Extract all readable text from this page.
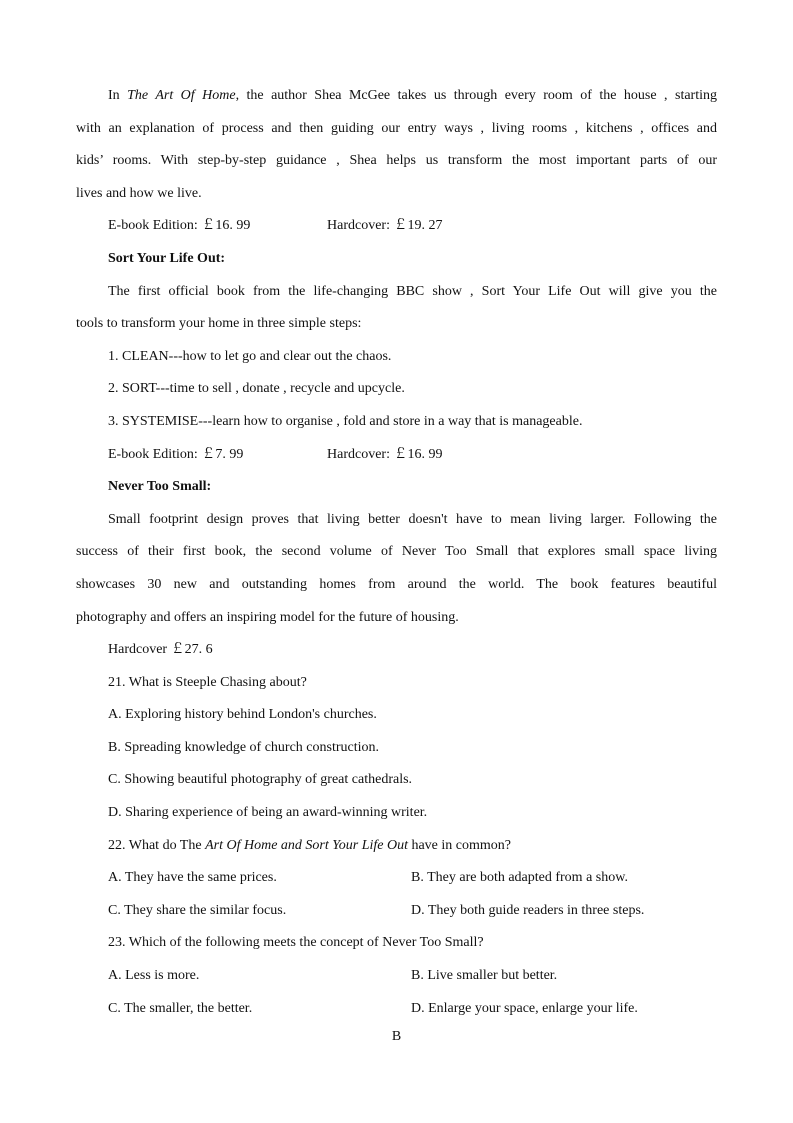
In The Art Of Home, the author Shea McGee takes us through every room of the house , starting
with an explanation of process and then guiding our entry ways , living rooms , kitchens , offices and
kids’ rooms. With step-by-step guidance , Shea helps us transform the most important parts of our
lives and how we live.
E-book Edition: ￡16. 99	Hardcover: ￡19. 27
Sort Your Life Out:
The first official book from the life-changing BBC show , Sort Your Life Out will give you the
tools to transform your home in three simple steps:
1. CLEAN---how to let go and clear out the chaos.
2. SORT---time to sell , donate , recycle and upcycle.
3. SYSTEMISE---learn how to organise , fold and store in a way that is manageable.
E-book Edition: ￡7. 99	Hardcover: ￡16. 99
Never Too Small:
Small footprint design proves that living better doesn't have to mean living larger. Following the
success of their first book, the second volume of Never Too Small that explores small space living
showcases 30 new and outstanding homes from around the world. The book features beautiful
photography and offers an inspiring model for the future of housing.
Hardcover ￡27. 6
21. What is Steeple Chasing about?
A. Exploring history behind London's churches.
B. Spreading knowledge of church construction.
C. Showing beautiful photography of great cathedrals.
D. Sharing experience of being an award-winning writer.
22. What do The Art Of Home and Sort Your Life Out have in common?
A. They have the same prices.	B. They are both adapted from a show.
C. They share the similar focus.	D. They both guide readers in three steps.
23. Which of the following meets the concept of Never Too Small?
A. Less is more.	B. Live smaller but better.
C. The smaller, the better.	D. Enlarge your space, enlarge your life.
B
